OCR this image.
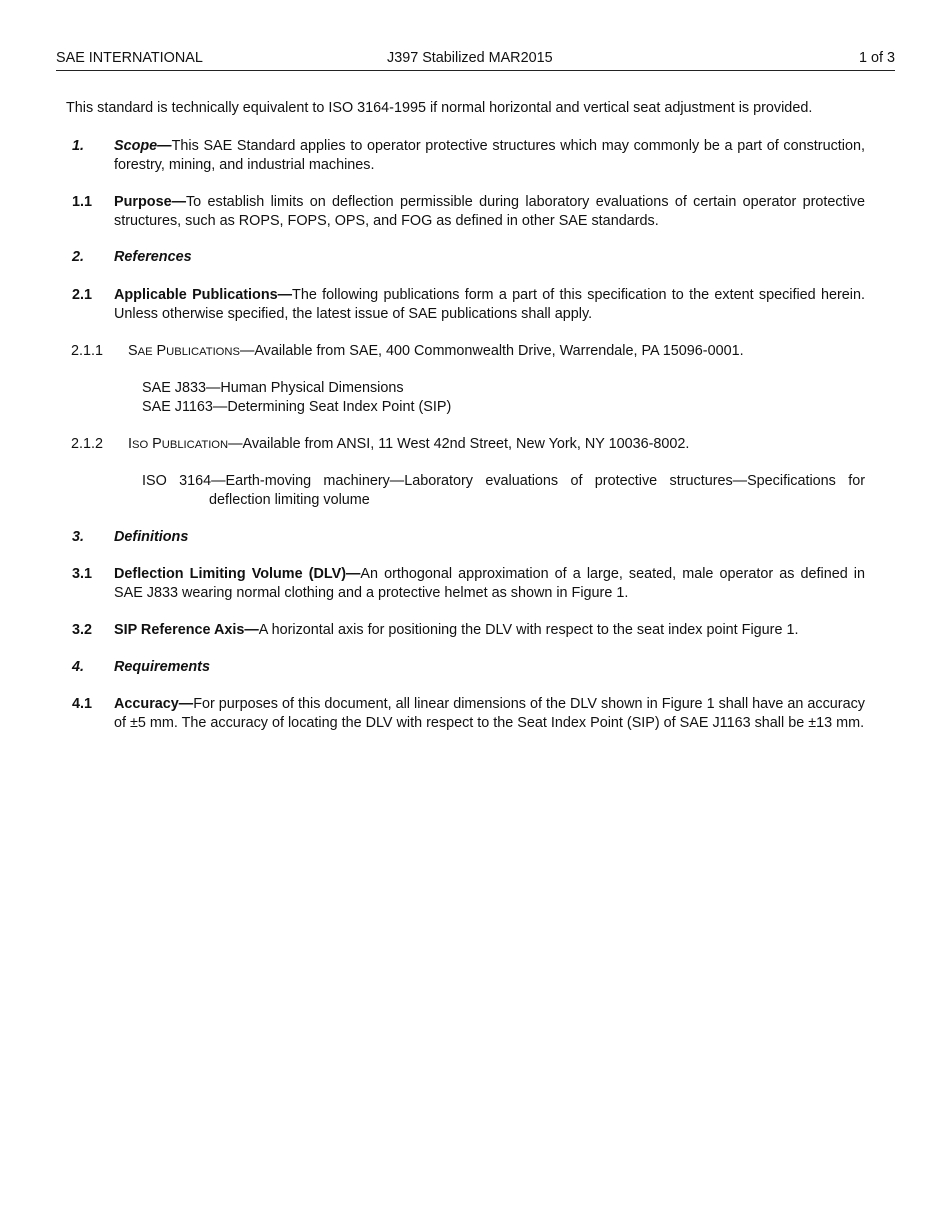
SAE INTERNATIONAL	J397 Stabilized MAR2015	1 of 3
This standard is technically equivalent to ISO 3164-1995 if normal horizontal and vertical seat adjustment is provided.
1. Scope—This SAE Standard applies to operator protective structures which may commonly be a part of construction, forestry, mining, and industrial machines.
1.1 Purpose—To establish limits on deflection permissible during laboratory evaluations of certain operator protective structures, such as ROPS, FOPS, OPS, and FOG as defined in other SAE standards.
2. References
2.1 Applicable Publications—The following publications form a part of this specification to the extent specified herein. Unless otherwise specified, the latest issue of SAE publications shall apply.
2.1.1 SAE PUBLICATIONS—Available from SAE, 400 Commonwealth Drive, Warrendale, PA 15096-0001.
SAE J833—Human Physical Dimensions
SAE J1163—Determining Seat Index Point (SIP)
2.1.2 ISO PUBLICATION—Available from ANSI, 11 West 42nd Street, New York, NY 10036-8002.
ISO 3164—Earth-moving machinery—Laboratory evaluations of protective structures—Specifications for
deflection limiting volume
3. Definitions
3.1 Deflection Limiting Volume (DLV)—An orthogonal approximation of a large, seated, male operator as defined in SAE J833 wearing normal clothing and a protective helmet as shown in Figure 1.
3.2 SIP Reference Axis—A horizontal axis for positioning the DLV with respect to the seat index point Figure 1.
4. Requirements
4.1 Accuracy—For purposes of this document, all linear dimensions of the DLV shown in Figure 1 shall have an accuracy of ±5 mm. The accuracy of locating the DLV with respect to the Seat Index Point (SIP) of SAE J1163 shall be ±13 mm.
